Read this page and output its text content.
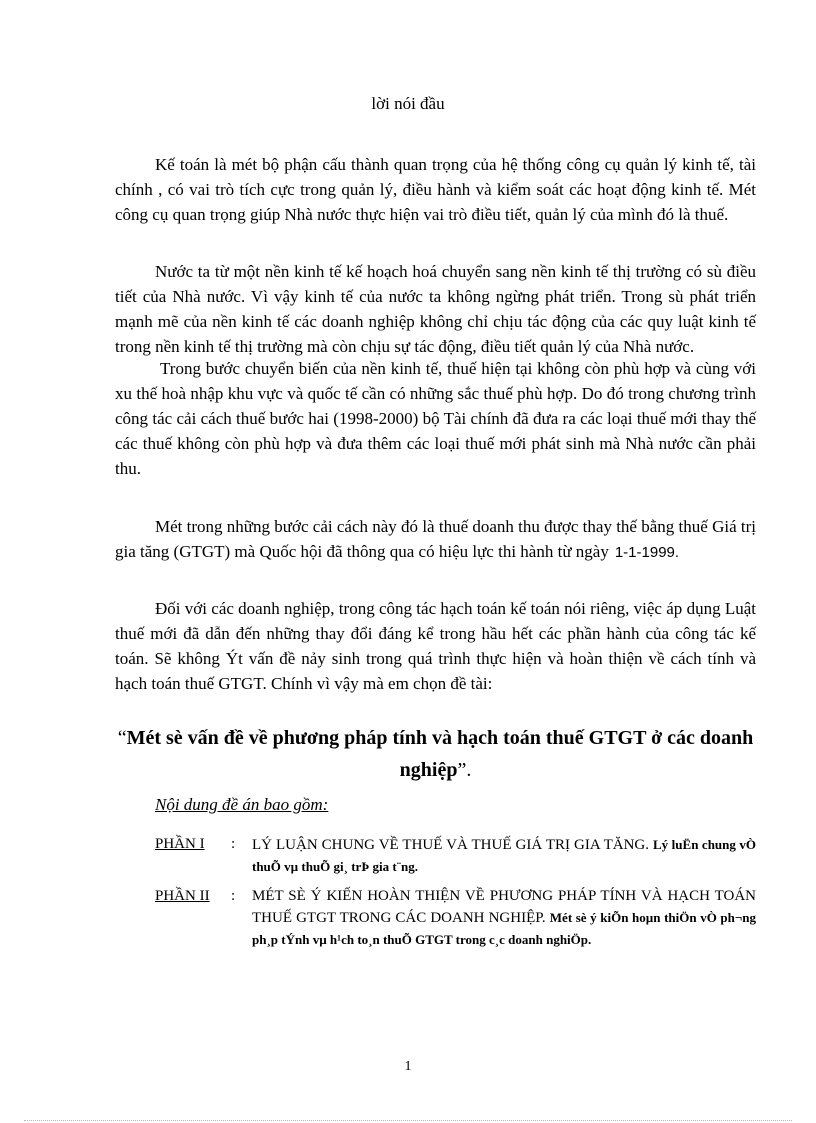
lời nói đầu

Kế toán là mét bộ phận cấu thành quan trọng của hệ thống công cụ quản lý kinh tế, tài chính , có vai trò tích cực trong quản lý, điều hành và kiểm soát các hoạt động kinh tế. Mét công cụ quan trọng giúp Nhà nước thực hiện vai trò điều tiết, quản lý của mình đó là thuế.

Nước ta từ một nền kinh tế kế hoạch hoá chuyển sang nền kinh tế thị trường có sù điều tiết của Nhà nước. Vì vậy kinh tế của nước ta không ngừng phát triển. Trong sù phát triển mạnh mẽ của nền kinh tế các doanh nghiệp không chỉ chịu tác động của các quy luật kinh tế trong nền kinh tế thị trường mà còn chịu sự tác động, điều tiết quản lý của Nhà nước.

Trong bước chuyển biến của nền kinh tế, thuế hiện tại không còn phù hợp và cùng với xu thế hoà nhập khu vực và quốc tế cần có những sắc thuế phù hợp. Do đó trong chương trình công tác cải cách thuế bước hai (1998-2000) bộ Tài chính đã đưa ra các loại thuế mới thay thế các thuế không còn phù hợp và đưa thêm các loại thuế mới phát sinh mà Nhà nước cần phải thu.

Mét trong những bước cải cách này đó là thuế doanh thu được thay thế bằng thuế Giá trị gia tăng (GTGT) mà Quốc hội đã thông qua có hiệu lực thi hành từ ngày 1-1-1999.

Đối với các doanh nghiệp, trong công tác hạch toán kế toán nói riêng, việc áp dụng Luật thuế mới đã dẫn đến những thay đổi đáng kể trong hầu hết các phần hành của công tác kế toán. Sẽ không Ýt vấn đề nảy sinh trong quá trình thực hiện và hoàn thiện về cách tính và hạch toán thuế GTGT. Chính vì vậy mà em chọn đề tài:

“Mét sè vấn đề về phương pháp tính và hạch toán thuế GTGT ở các doanh nghiệp”.
Nội dung đề án bao gồm:
PHẦN I : LÝ LUẬN CHUNG VỀ THUẾ VÀ THUẾ GIÁ TRỊ GIA TĂNG. Lý luËn chung vÒ thuÕ vµ thuÕ gi¸ trÞ gia t¨ng.
PHẦN II : MÉT SÈ Ý KIẾN HOÀN THIỆN VỀ PHƯƠNG PHÁP TÍNH VÀ HẠCH TOÁN THUẾ GTGT TRONG CÁC DOANH NGHIỆP. Mét sè ý kiÕn hoµn thiÖn vÒ ph¬ng ph¸p tÝnh vµ h¹ch to¸n thuÕ GTGT trong c¸c doanh nghiÖp.
1
